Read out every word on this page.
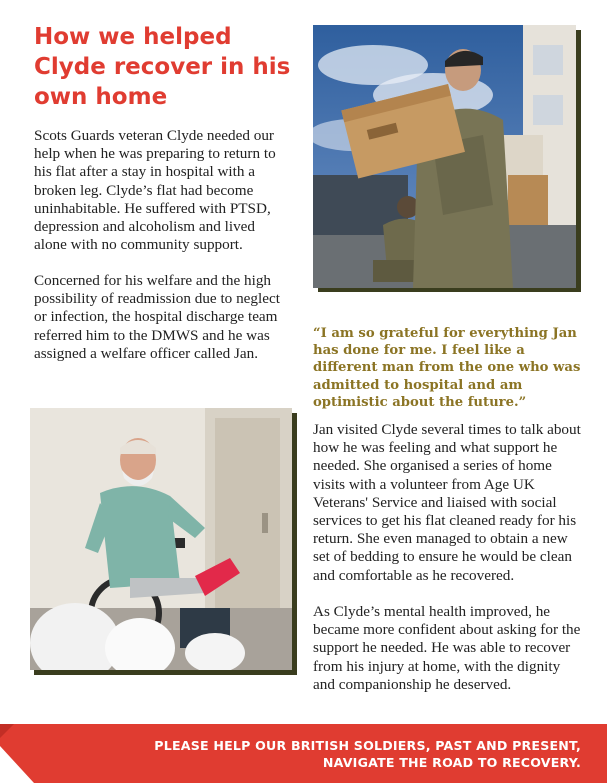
How we helped Clyde recover in his own home

Scots Guards veteran Clyde needed our help when he was preparing to return to his flat after a stay in hospital with a broken leg. Clyde’s flat had become uninhabitable. He suffered with PTSD, depression and alcoholism and lived alone with no community support.

Concerned for his welfare and the high possibility of readmission due to neglect or infection, the hospital discharge team referred him to the DMWS and he was assigned a welfare officer called Jan.

“I am so grateful for everything Jan has done for me. I feel like a different man from the one who was admitted to hospital and am optimistic about the future.”

Jan visited Clyde several times to talk about how he was feeling and what support he needed. She organised a series of home visits with a volunteer from Age UK Veterans' Service and liaised with social services to get his flat cleaned ready for his return. She even managed to obtain a new set of bedding to ensure he would be clean and comfortable as he recovered.

As Clyde’s mental health improved, he became more confident about asking for the support he needed. He was able to recover from his injury at home, with the dignity and companionship he deserved.

PLEASE HELP OUR BRITISH SOLDIERS, PAST AND PRESENT,
NAVIGATE THE ROAD TO RECOVERY.
